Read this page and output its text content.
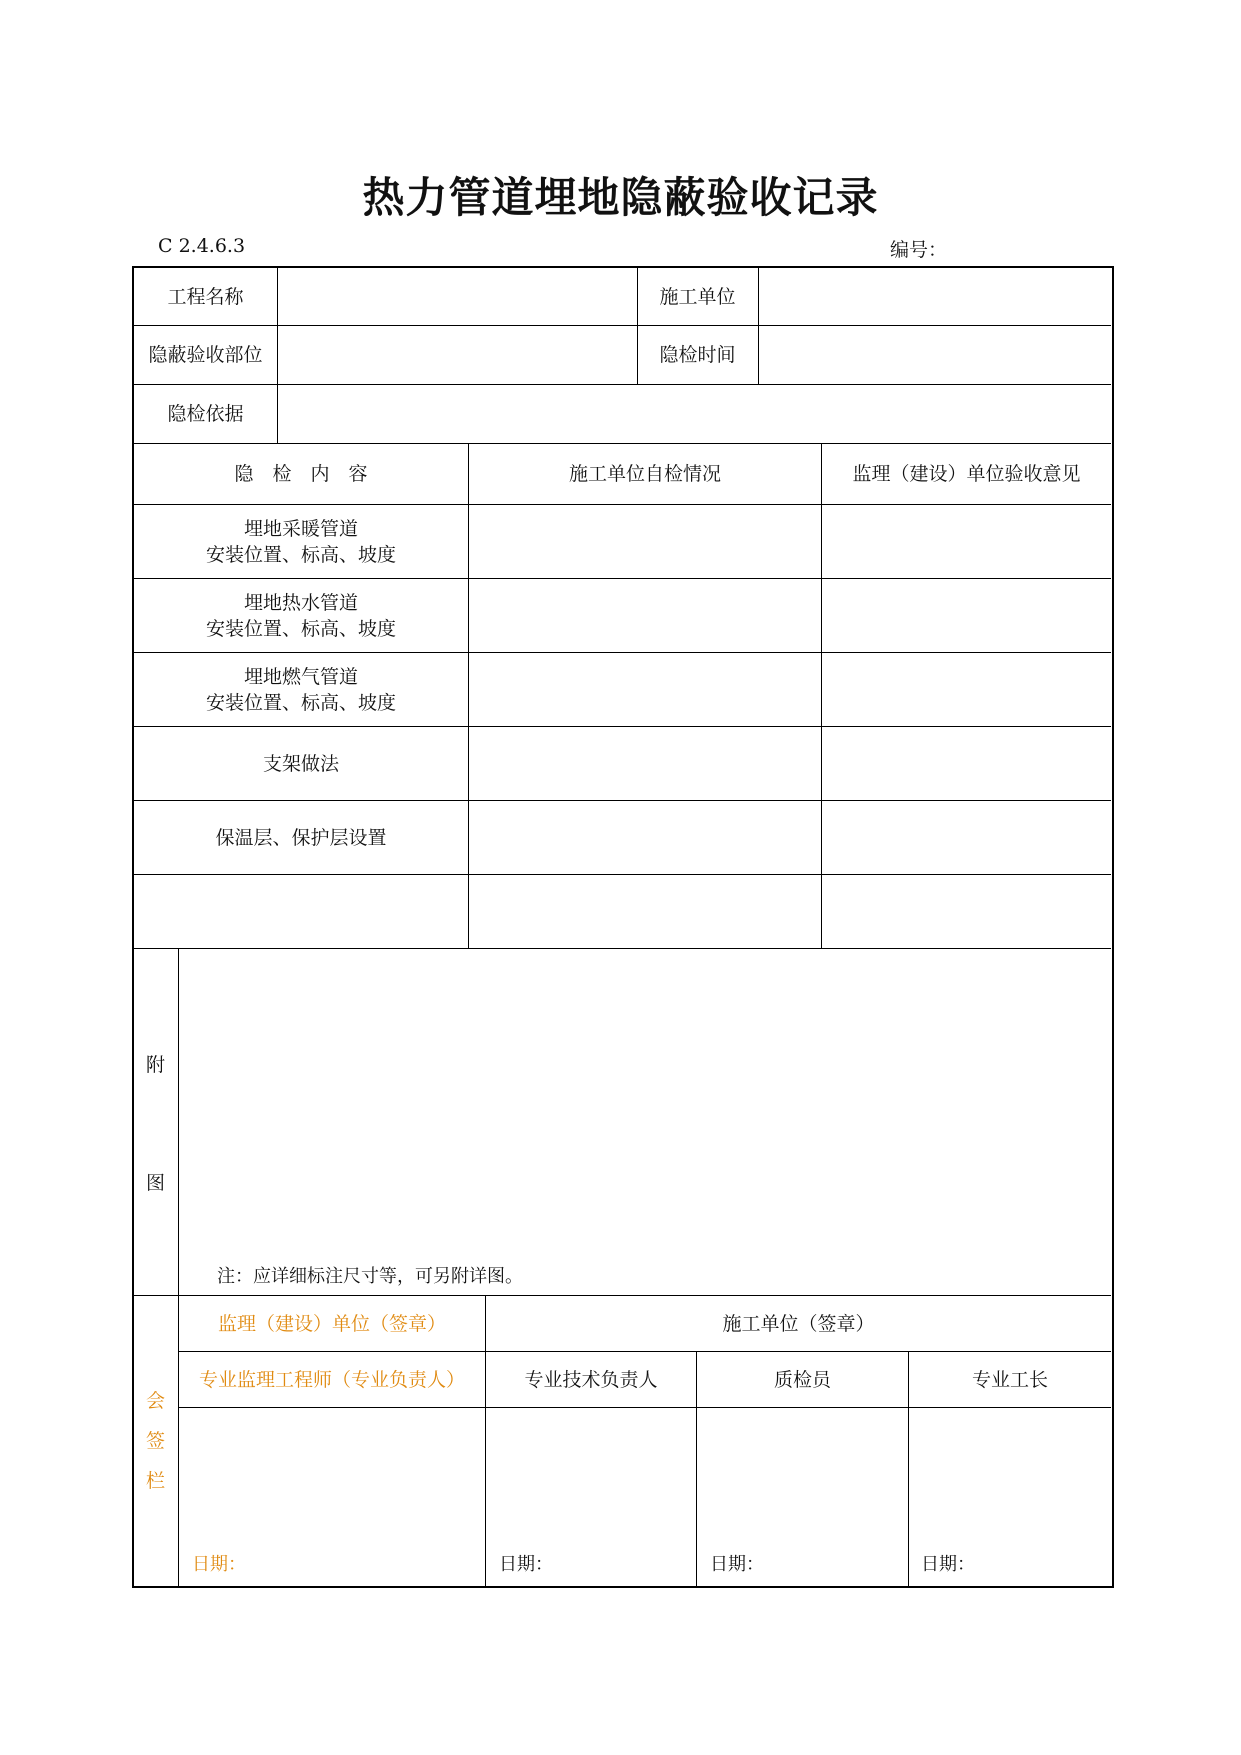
热力管道埋地隐蔽验收记录
C 2.4.6.3	编号：
工程名称	施工单位
隐蔽验收部位	隐检时间
隐检依据
隐　检　内　容	施工单位自检情况	监理（建设）单位验收意见
埋地采暖管道
安装位置、标高、坡度
埋地热水管道
安装位置、标高、坡度
埋地燃气管道
安装位置、标高、坡度
支架做法
保温层、保护层设置
附
图
注：应详细标注尺寸等，可另附详图。
会
签
栏
监理（建设）单位（签章）	施工单位（签章）
专业监理工程师（专业负责人）	专业技术负责人	质检员	专业工长
日期：	日期：	日期：	日期：
